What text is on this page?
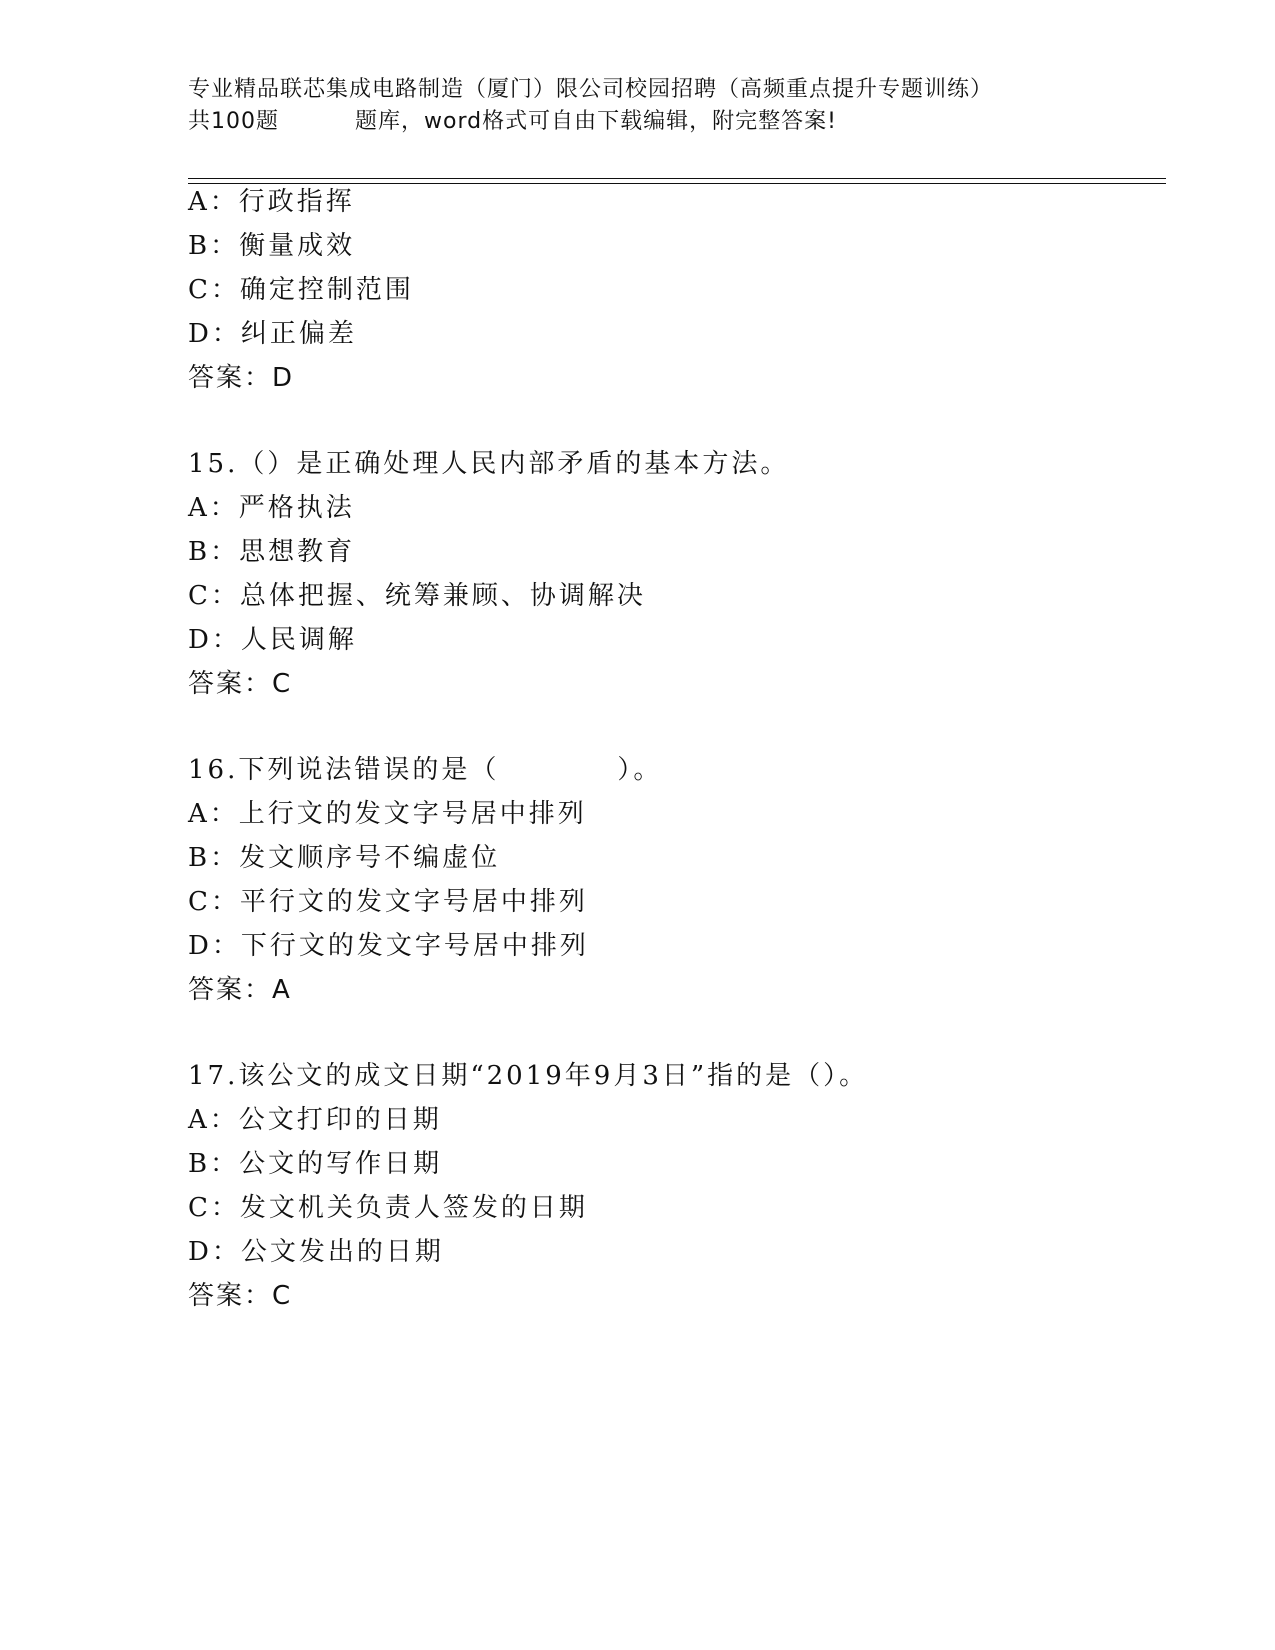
专业精品联芯集成电路制造（厦门）限公司校园招聘（高频重点提升专题训练）
共100题	题库，word格式可自由下载编辑，附完整答案!
A：行政指挥
B：衡量成效
C：确定控制范围
D：纠正偏差
答案：D
15.（）是正确处理人民内部矛盾的基本方法。
A：严格执法
B：思想教育
C：总体把握、统筹兼顾、协调解决
D：人民调解
答案：C
16.下列说法错误的是（	）。
A：上行文的发文字号居中排列
B：发文顺序号不编虚位
C：平行文的发文字号居中排列
D：下行文的发文字号居中排列
答案：A
17.该公文的成文日期“2019年9月3日”指的是（）。
A：公文打印的日期
B：公文的写作日期
C：发文机关负责人签发的日期
D：公文发出的日期
答案：C
